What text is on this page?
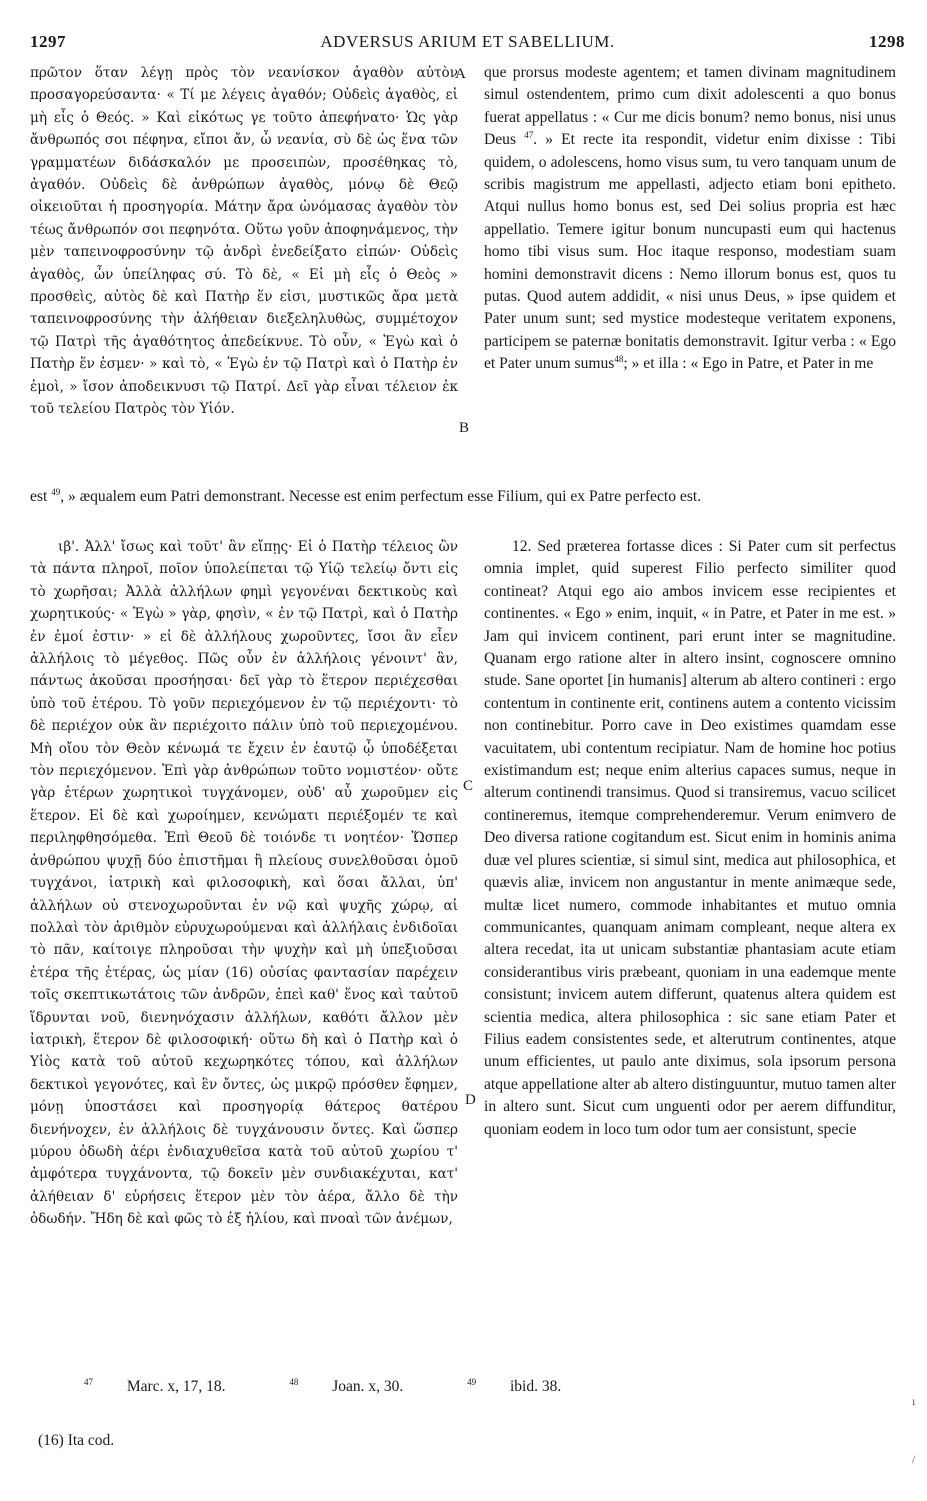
1297	ADVERSUS ARIUM ET SABELLIUM.	1298
A
B
C
D

πρῶτον ὅταν λέγῃ πρὸς τὸν νεανίσκον ἀγαθὸν αὐτὸν προσαγορεύσαντα· « Τί με λέγεις ἀγαθόν; Οὐδεὶς ἀγαθὸς, εἰ μὴ εἷς ὁ Θεός. » Καὶ εἰκότως γε τοῦτο ἀπεφήνατο· Ὡς γὰρ ἄνθρωπός σοι πέφηνα, εἴποι ἄν, ὦ νεανία, σὺ δὲ ὡς ἕνα τῶν γραμματέων διδάσκαλόν με προσειπὼν, προσέθηκας τὸ, ἀγαθόν. Οὐδεὶς δὲ ἀνθρώπων ἀγαθὸς, μόνῳ δὲ Θεῷ οἰκειοῦται ἡ προσηγορία. Μάτην ἄρα ὠνόμασας ἀγαθὸν τὸν τέως ἄνθρωπόν σοι πεφηνότα. Οὕτω γοῦν ἀποφηνάμενος, τὴν μὲν ταπεινοφροσύνην τῷ ἀνδρὶ ἐνεδείξατο εἰπών· Οὐδεὶς ἀγαθὸς, ὧν ὑπείληφας σύ. Τὸ δὲ, « Εἰ μὴ εἷς ὁ Θεὸς » προσθεὶς, αὐτὸς δὲ καὶ Πατὴρ ἕν εἰσι, μυστικῶς ἄρα μετὰ ταπεινοφροσύνης τὴν ἀλήθειαν διεξεληλυθὼς, συμμέτοχον τῷ Πατρὶ τῆς ἀγαθότητος ἀπεδείκνυε. Τὸ οὖν, « Ἐγὼ καὶ ὁ Πατὴρ ἕν ἐσμεν· » καὶ τὸ, « Ἐγὼ ἐν τῷ Πατρὶ καὶ ὁ Πατὴρ ἐν ἐμοὶ, » ἴσον ἀποδεικνυσι τῷ Πατρί. Δεῖ γὰρ εἶναι τέλειον ἐκ τοῦ τελείου Πατρὸς τὸν Υἱόν.

que prorsus modeste agentem; et tamen divinam magnitudinem simul ostendentem, primo cum dixit adolescenti a quo bonus fuerat appellatus : « Cur me dicis bonum? nemo bonus, nisi unus Deus $^{47}$. » Et recte ita respondit, videtur enim dixisse : Tibi quidem, o adolescens, homo visus sum, tu vero tanquam unum de scribis magistrum me appellasti, adjecto etiam boni epitheto. Atqui nullus homo bonus est, sed Dei solius propria est hæc appellatio. Temere igitur bonum nuncupasti eum qui hactenus homo tibi visus sum. Hoc itaque responso, modestiam suam homini demonstravit dicens : Nemo illorum bonus est, quos tu putas. Quod autem addidit, « nisi unus Deus, » ipse quidem et Pater unum sunt; sed mystice modesteque veritatem exponens, participem se paternæ bonitatis demonstravit. Igitur verba : « Ego et Pater unum sumus$^{48}$; » et illa : « Ego in Patre, et Pater in me

est $^{49}$, » æqualem eum Patri demonstrant. Necesse est enim perfectum esse Filium, qui ex Patre perfecto est.

ιβ'. Ἀλλ' ἴσως καὶ τοῦτ' ἂν εἴπῃς· Εἰ ὁ Πατὴρ τέλειος ὢν τὰ πάντα πληροῖ, ποῖον ὑπολείπεται τῷ Υἱῷ τελείῳ ὄντι εἰς τὸ χωρῆσαι; Ἀλλὰ ἀλλήλων φημὶ γεγονέναι δεκτικοὺς καὶ χωρητικούς· « Ἐγὼ » γὰρ, φησὶν, « ἐν τῷ Πατρὶ, καὶ ὁ Πατὴρ ἐν ἐμοί ἐστιν· » εἰ δὲ ἀλλήλους χωροῦντες, ἴσοι ἂν εἶεν ἀλλήλοις τὸ μέγεθος. Πῶς οὖν ἐν ἀλλήλοις γένοιντ' ἂν, πάντως ἀκοῦσαι προσήησαι· δεῖ γὰρ τὸ ἕτερον περιέχεσθαι ὑπὸ τοῦ ἑτέρου. Τὸ γοῦν περιεχόμενον ἐν τῷ περιέχοντι· τὸ δὲ περιέχον οὐκ ἂν περιέχοιτο πάλιν ὑπὸ τοῦ περιεχομένου. Μὴ οἴου τὸν Θεὸν κένωμά τε ἔχειν ἐν ἑαυτῷ ᾧ ὑποδέξεται τὸν περιεχόμενον. Ἐπὶ γὰρ ἀνθρώπων τοῦτο νομιστέον· οὔτε γὰρ ἑτέρων χωρητικοὶ τυγχάνομεν, οὐδ' αὖ χωροῦμεν εἰς ἕτερον. Εἰ δὲ καὶ χωροίημεν, κενώματι περιέξομέν τε καὶ περιληφθησόμεθα. Ἐπὶ Θεοῦ δὲ τοιόνδε τι νοητέον· Ὥσπερ ἀνθρώπου ψυχῇ δύο ἐπιστῆμαι ἢ πλείους συνελθοῦσαι ὁμοῦ τυγχάνοι, ἰατρικὴ καὶ φιλοσοφικὴ, καὶ ὅσαι ἄλλαι, ὑπ' ἀλλήλων οὐ στενοχωροῦνται ἐν νῷ καὶ ψυχῆς χώρῳ, αἱ πολλαὶ τὸν ἀριθμὸν εὐρυχωρούμεναι καὶ ἀλλήλαις ἐνδιδοῖαι τὸ πᾶν, καίτοιγε πληροῦσαι τὴν ψυχὴν καὶ μὴ ὑπεξιοῦσαι ἑτέρα τῆς ἑτέρας, ὡς μίαν (16) οὐσίας φαντασίαν παρέχειν τοῖς σκεπτικωτάτοις τῶν ἀνδρῶν, ἐπεὶ καθ' ἕνος καὶ ταὐτοῦ ἵδρυνται νοῦ, διενηνόχασιν ἀλλήλων, καθότι ἄλλον μὲν ἰατρικὴ, ἕτερον δὲ φιλοσοφική· οὕτω δὴ καὶ ὁ Πατὴρ καὶ ὁ Υἱὸς κατὰ τοῦ αὐτοῦ κεχωρηκότες τόπου, καὶ ἀλλήλων δεκτικοὶ γεγονότες, καὶ ἓν ὄντες, ὡς μικρῷ πρόσθεν ἔφημεν, μόνῃ ὑποστάσει καὶ προσηγορίᾳ θάτερος θατέρου διενήνοχεν, ἐν ἀλλήλοις δὲ τυγχάνουσιν ὄντες. Καὶ ὥσπερ μύρου ὀδωδὴ ἀέρι ἐνδιαχυθεῖσα κατὰ τοῦ αὐτοῦ χωρίου τ' ἀμφότερα τυγχάνοντα, τῷ δοκεῖν μὲν συνδιακέχυται, κατ' ἀλήθειαν δ' εὑρήσεις ἕτερον μὲν τὸν ἀέρα, ἄλλο δὲ τὴν ὀδωδήν. Ἤδη δὲ καὶ φῶς τὸ ἐξ ἡλίου, καὶ πνοαὶ τῶν ἀνέμων,

12. Sed præterea fortasse dices : Si Pater cum sit perfectus omnia implet, quid superest Filio perfecto similiter quod contineat? Atqui ego aio ambos invicem esse recipientes et continentes. « Ego » enim, inquit, « in Patre, et Pater in me est. » Jam qui invicem continent, pari erunt inter se magnitudine. Quanam ergo ratione alter in altero insint, cognoscere omnino stude. Sane oportet [in humanis] alterum ab altero contineri : ergo contentum in continente erit, continens autem a contento vicissim non continebitur. Porro cave in Deo existimes quamdam esse vacuitatem, ubi contentum recipiatur. Nam de homine hoc potius existimandum est; neque enim alterius capaces sumus, neque in alterum continendi transimus. Quod si transiremus, vacuo scilicet contineremus, itemque comprehenderemur. Verum enimvero de Deo diversa ratione cogitandum est. Sicut enim in hominis anima duæ vel plures scientiæ, si simul sint, medica aut philosophica, et quævis aliæ, invicem non angustantur in mente animæque sede, multæ licet numero, commode inhabitantes et mutuo omnia communicantes, quanquam animam compleant, neque altera ex altera recedat, ita ut unicam substantiæ phantasiam acute etiam considerantibus viris præbeant, quoniam in una eademque mente consistunt; invicem autem differunt, quatenus altera quidem est scientia medica, altera philosophica : sic sane etiam Pater et Filius eadem consistentes sede, et alterutrum continentes, atque unum efficientes, ut paulo ante diximus, sola ipsorum persona atque appellatione alter ab altero distinguuntur, mutuo tamen alter in altero sunt. Sicut cum unguenti odor per aerem diffunditur, quoniam eodem in loco tum odor tum aer consistunt, specie

$^{47}$ Marc. x, 17, 18.	$^{48}$ Joan. x, 30.	$^{49}$ ibid. 38.
(16) Ita cod.
ı
/
